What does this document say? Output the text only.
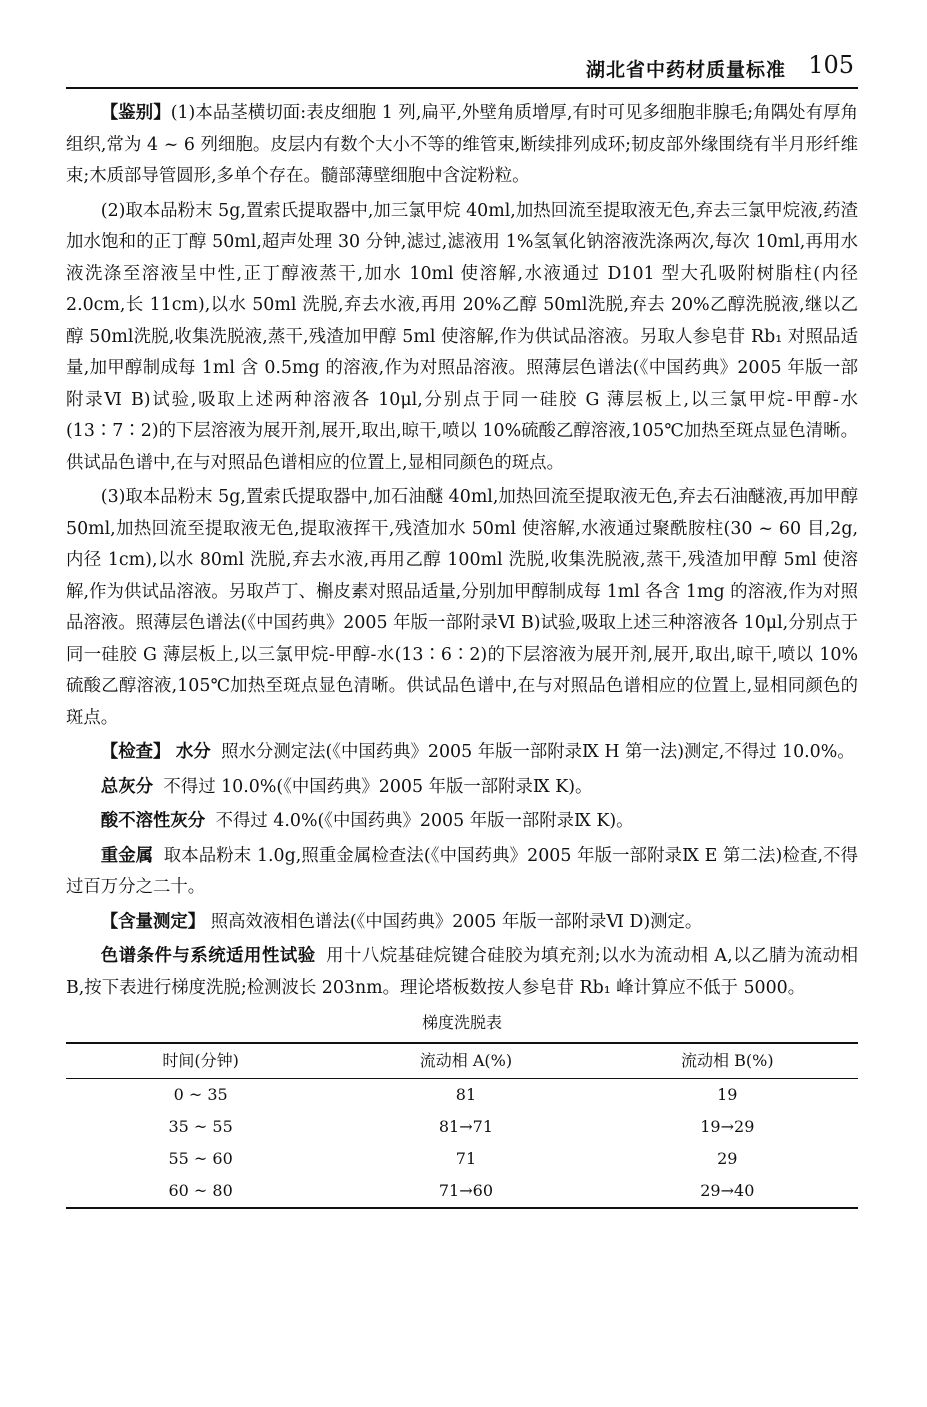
湖北省中药材质量标准 105

【鉴别】(1)本品茎横切面:表皮细胞 1 列,扁平,外壁角质增厚,有时可见多细胞非腺毛;角隅处有厚角组织,常为 4 ~ 6 列细胞。皮层内有数个大小不等的维管束,断续排列成环;韧皮部外缘围绕有半月形纤维束;木质部导管圆形,多单个存在。髓部薄壁细胞中含淀粉粒。

(2)取本品粉末 5g,置索氏提取器中,加三氯甲烷 40ml,加热回流至提取液无色,弃去三氯甲烷液,药渣加水饱和的正丁醇 50ml,超声处理 30 分钟,滤过,滤液用 1%氢氧化钠溶液洗涤两次,每次 10ml,再用水液洗涤至溶液呈中性,正丁醇液蒸干,加水 10ml 使溶解,水液通过 D101 型大孔吸附树脂柱(内径 2.0cm,长 11cm),以水 50ml 洗脱,弃去水液,再用 20%乙醇 50ml洗脱,弃去 20%乙醇洗脱液,继以乙醇 50ml洗脱,收集洗脱液,蒸干,残渣加甲醇 5ml 使溶解,作为供试品溶液。另取人参皂苷 Rb₁ 对照品适量,加甲醇制成每 1ml 含 0.5mg 的溶液,作为对照品溶液。照薄层色谱法(《中国药典》2005 年版一部附录Ⅵ B)试验,吸取上述两种溶液各 10μl,分别点于同一硅胶 G 薄层板上,以三氯甲烷-甲醇-水(13∶7∶2)的下层溶液为展开剂,展开,取出,晾干,喷以 10%硫酸乙醇溶液,105℃加热至斑点显色清晰。供试品色谱中,在与对照品色谱相应的位置上,显相同颜色的斑点。

(3)取本品粉末 5g,置索氏提取器中,加石油醚 40ml,加热回流至提取液无色,弃去石油醚液,再加甲醇 50ml,加热回流至提取液无色,提取液挥干,残渣加水 50ml 使溶解,水液通过聚酰胺柱(30 ~ 60 目,2g,内径 1cm),以水 80ml 洗脱,弃去水液,再用乙醇 100ml 洗脱,收集洗脱液,蒸干,残渣加甲醇 5ml 使溶解,作为供试品溶液。另取芦丁、槲皮素对照品适量,分别加甲醇制成每 1ml 各含 1mg 的溶液,作为对照品溶液。照薄层色谱法(《中国药典》2005 年版一部附录Ⅵ B)试验,吸取上述三种溶液各 10μl,分别点于同一硅胶 G 薄层板上,以三氯甲烷-甲醇-水(13∶6∶2)的下层溶液为展开剂,展开,取出,晾干,喷以 10%硫酸乙醇溶液,105℃加热至斑点显色清晰。供试品色谱中,在与对照品色谱相应的位置上,显相同颜色的斑点。

【检查】 水分 照水分测定法(《中国药典》2005 年版一部附录Ⅸ H 第一法)测定,不得过 10.0%。

总灰分 不得过 10.0%(《中国药典》2005 年版一部附录Ⅸ K)。

酸不溶性灰分 不得过 4.0%(《中国药典》2005 年版一部附录Ⅸ K)。

重金属 取本品粉末 1.0g,照重金属检查法(《中国药典》2005 年版一部附录Ⅸ E 第二法)检查,不得过百万分之二十。

【含量测定】 照高效液相色谱法(《中国药典》2005 年版一部附录Ⅵ D)测定。

色谱条件与系统适用性试验 用十八烷基硅烷键合硅胶为填充剂;以水为流动相 A,以乙腈为流动相 B,按下表进行梯度洗脱;检测波长 203nm。理论塔板数按人参皂苷 Rb₁ 峰计算应不低于 5000。

梯度洗脱表
时间(分钟)	流动相 A(%)	流动相 B(%)
0 ~ 35	81	19
35 ~ 55	81→71	19→29
55 ~ 60	71	29
60 ~ 80	71→60	29→40
